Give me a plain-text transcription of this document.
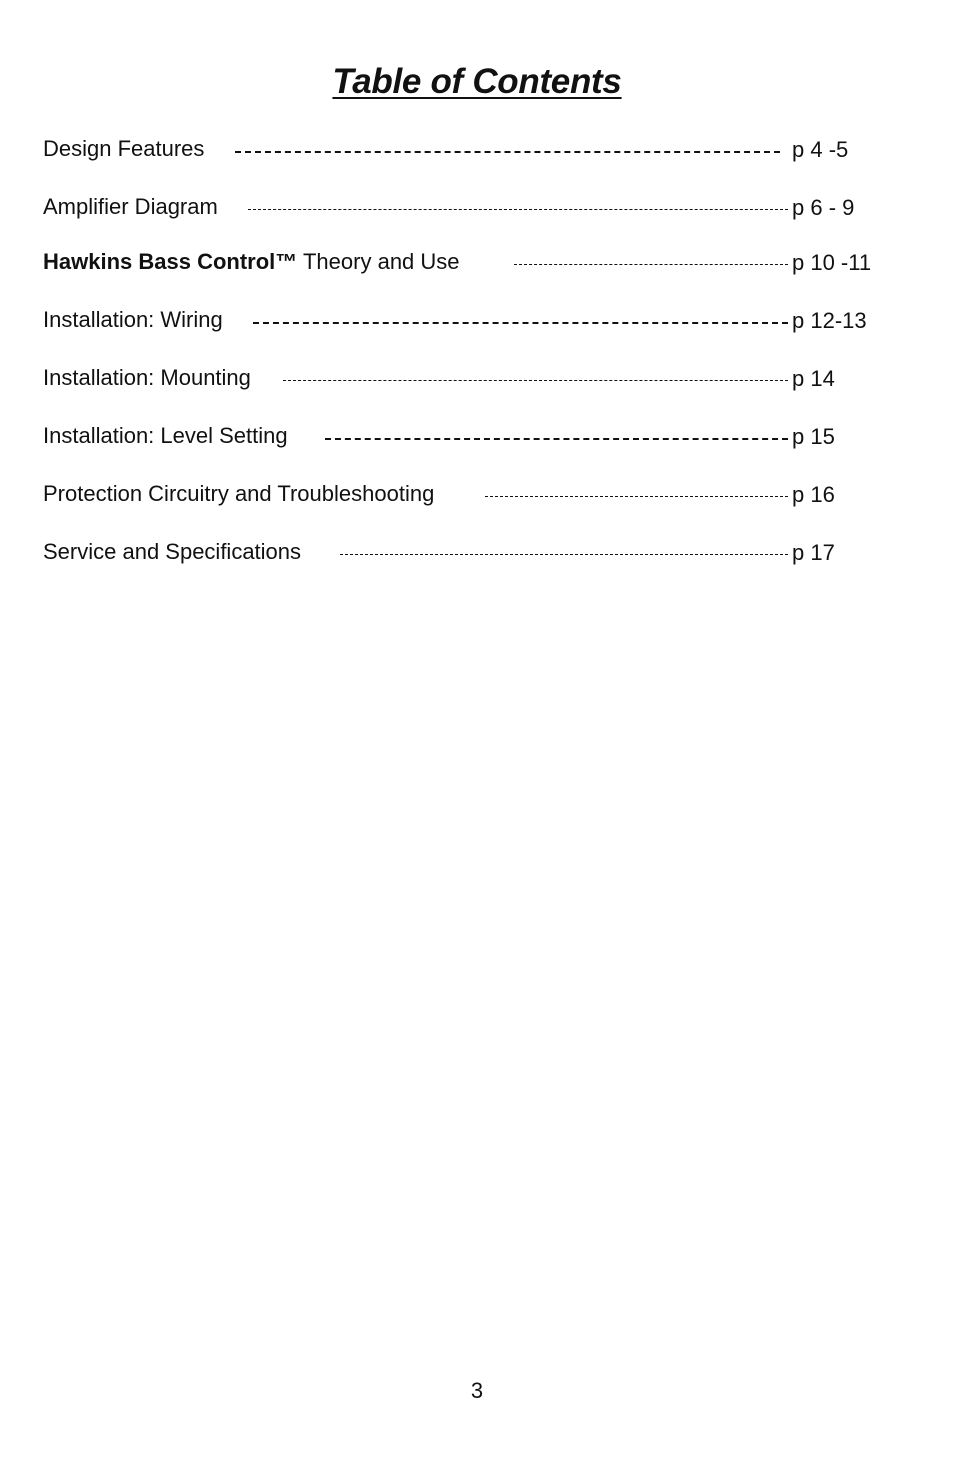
Table of Contents
Design Features	p 4 -5
Amplifier Diagram	p 6 - 9
Hawkins Bass Control™ Theory and Use	p 10 -11
Installation: Wiring	p 12-13
Installation: Mounting	p 14
Installation: Level Setting	p 15
Protection Circuitry and Troubleshooting	p 16
Service and Specifications	p 17
3
